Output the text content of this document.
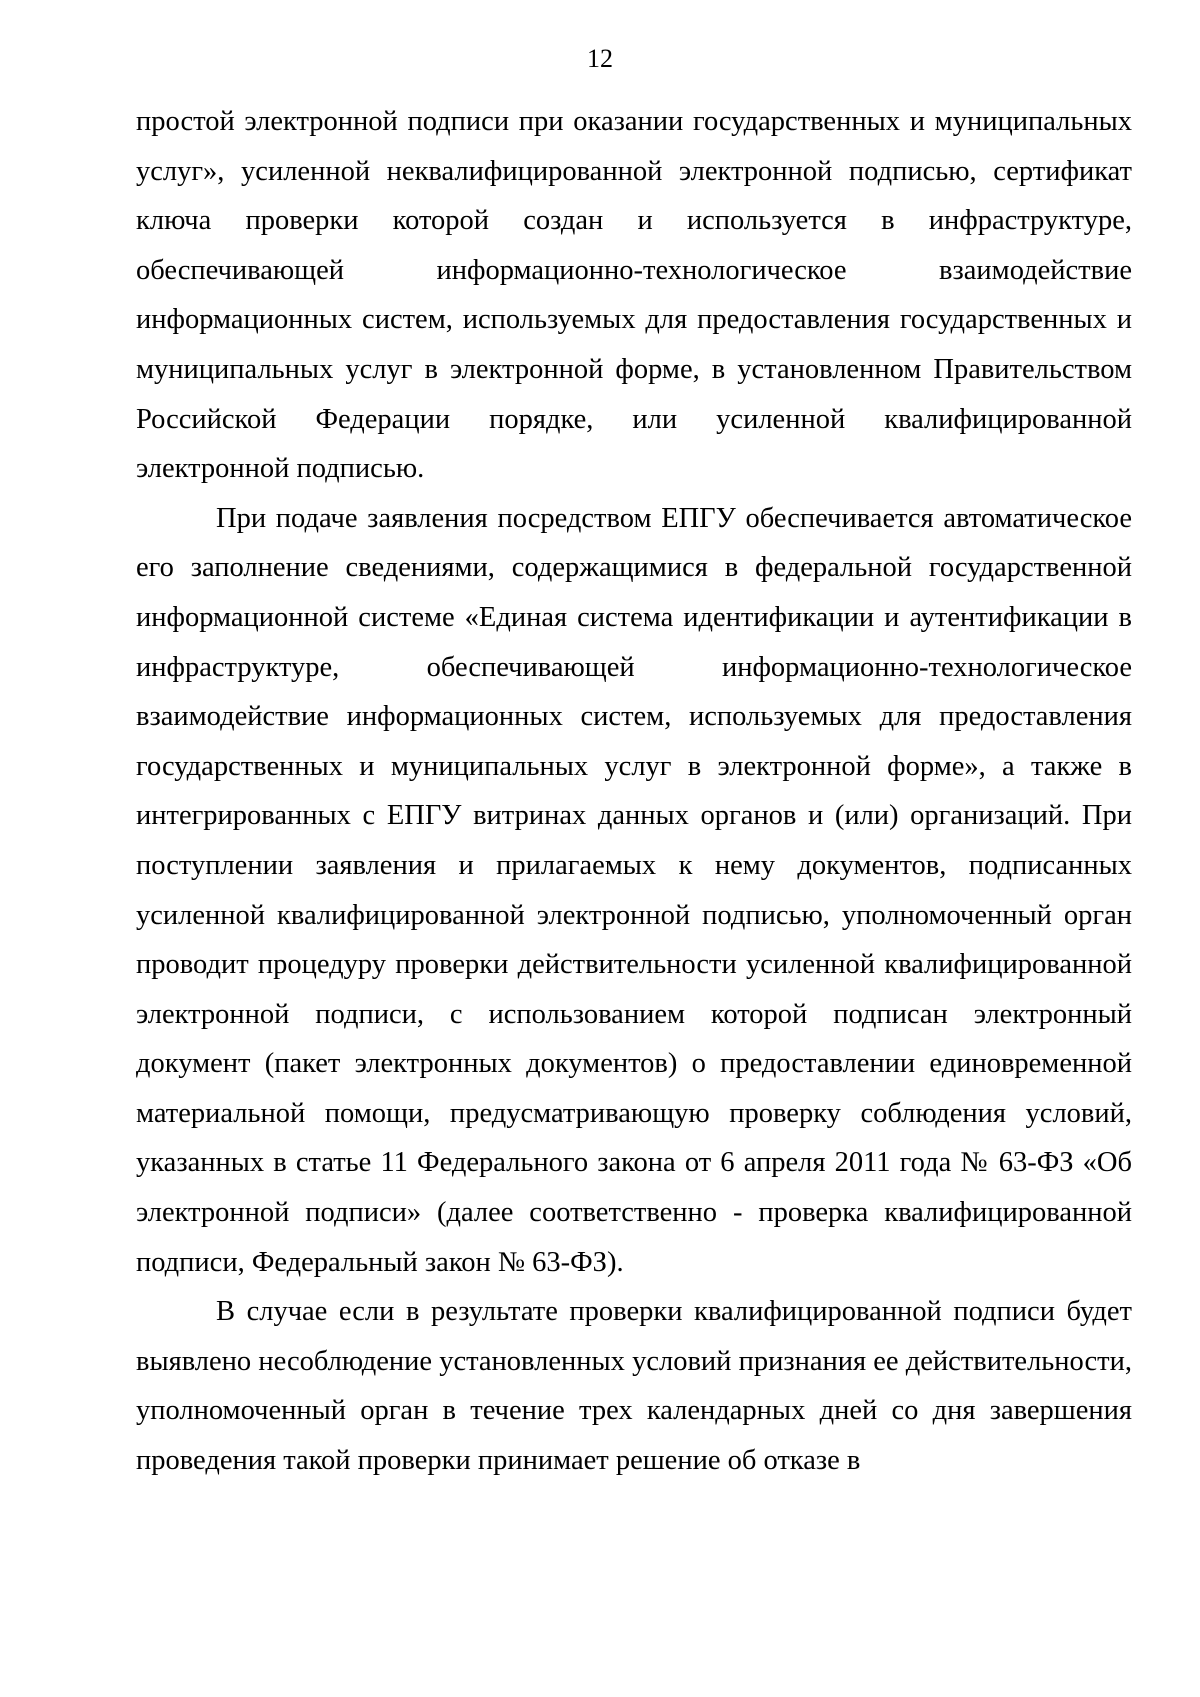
12

простой электронной подписи при оказании государственных и муниципальных услуг», усиленной неквалифицированной электронной подписью, сертификат ключа проверки которой создан и используется в инфраструктуре, обеспечивающей информационно-технологическое взаимодействие информационных систем, используемых для предоставления государственных и муниципальных услуг в электронной форме, в установленном Правительством Российской Федерации порядке, или усиленной квалифицированной электронной подписью.

При подаче заявления посредством ЕПГУ обеспечивается автоматическое его заполнение сведениями, содержащимися в федеральной государственной информационной системе «Единая система идентификации и аутентификации в инфраструктуре, обеспечивающей информационно-технологическое взаимодействие информационных систем, используемых для предоставления государственных и муниципальных услуг в электронной форме», а также в интегрированных с ЕПГУ витринах данных органов и (или) организаций. При поступлении заявления и прилагаемых к нему документов, подписанных усиленной квалифицированной электронной подписью, уполномоченный орган проводит процедуру проверки действительности усиленной квалифицированной электронной подписи, с использованием которой подписан электронный документ (пакет электронных документов) о предоставлении единовременной материальной помощи, предусматривающую проверку соблюдения условий, указанных в статье 11 Федерального закона от 6 апреля 2011 года № 63-ФЗ «Об электронной подписи» (далее соответственно - проверка квалифицированной подписи, Федеральный закон № 63-ФЗ).

В случае если в результате проверки квалифицированной подписи будет выявлено несоблюдение установленных условий признания ее действительности, уполномоченный орган в течение трех календарных дней со дня завершения проведения такой проверки принимает решение об отказе в
